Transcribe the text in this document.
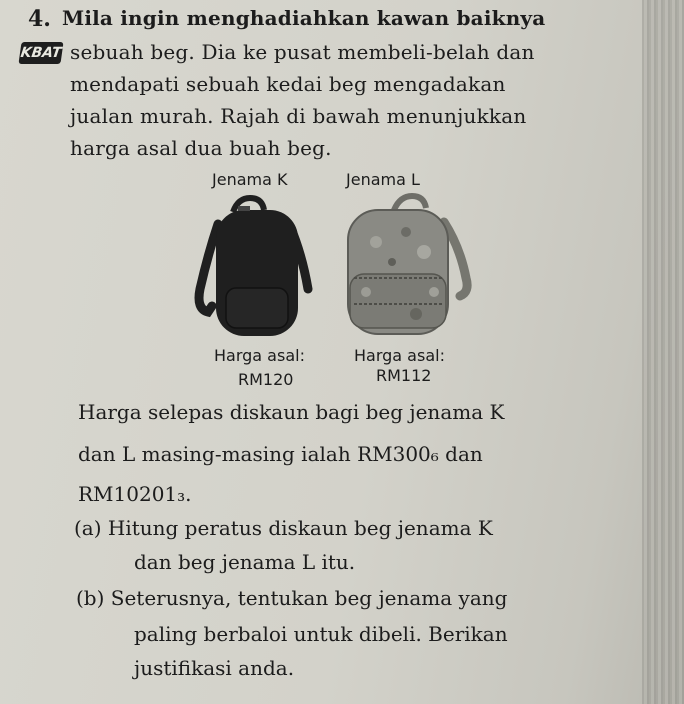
4.
KBAT
Mila ingin menghadiahkan kawan baiknya
sebuah beg. Dia ke pusat membeli-belah dan
mendapati sebuah kedai beg mengadakan
jualan murah. Rajah di bawah menunjukkan
harga asal dua buah beg.
Jenama K	Jenama L
Harga asal:	Harga asal:
RM120	RM112
Harga selepas diskaun bagi beg jenama K
dan L masing-masing ialah RM300₆ dan
RM10201₃.
(a) Hitung peratus diskaun beg jenama K
dan beg jenama L itu.
(b) Seterusnya, tentukan beg jenama yang
paling berbaloi untuk dibeli. Berikan
justifikasi anda.
